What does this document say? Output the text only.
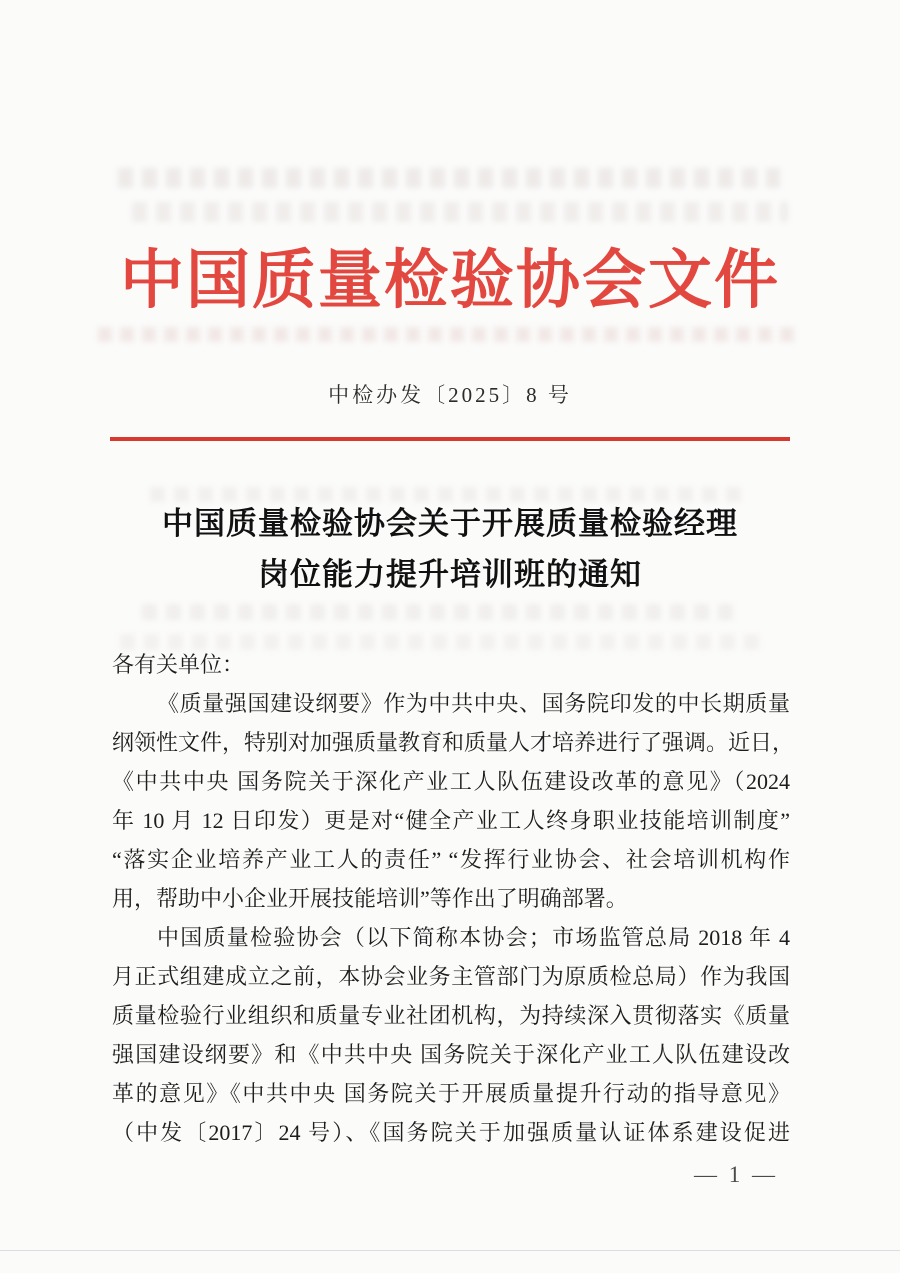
中国质量检验协会文件
中检办发〔2025〕8 号
中国质量检验协会关于开展质量检验经理
岗位能力提升培训班的通知
各有关单位：
《质量强国建设纲要》作为中共中央、国务院印发的中长期质量
纲领性文件，特别对加强质量教育和质量人才培养进行了强调。近日，
《中共中央 国务院关于深化产业工人队伍建设改革的意见》（2024
年 10 月 12 日印发）更是对“健全产业工人终身职业技能培训制度”
“落实企业培养产业工人的责任” “发挥行业协会、社会培训机构作
用，帮助中小企业开展技能培训”等作出了明确部署。
中国质量检验协会（以下简称本协会；市场监管总局 2018 年 4
月正式组建成立之前，本协会业务主管部门为原质检总局）作为我国
质量检验行业组织和质量专业社团机构，为持续深入贯彻落实《质量
强国建设纲要》和《中共中央 国务院关于深化产业工人队伍建设改
革的意见》《中共中央 国务院关于开展质量提升行动的指导意见》
（中发〔2017〕24 号）、《国务院关于加强质量认证体系建设促进
— 1 —
